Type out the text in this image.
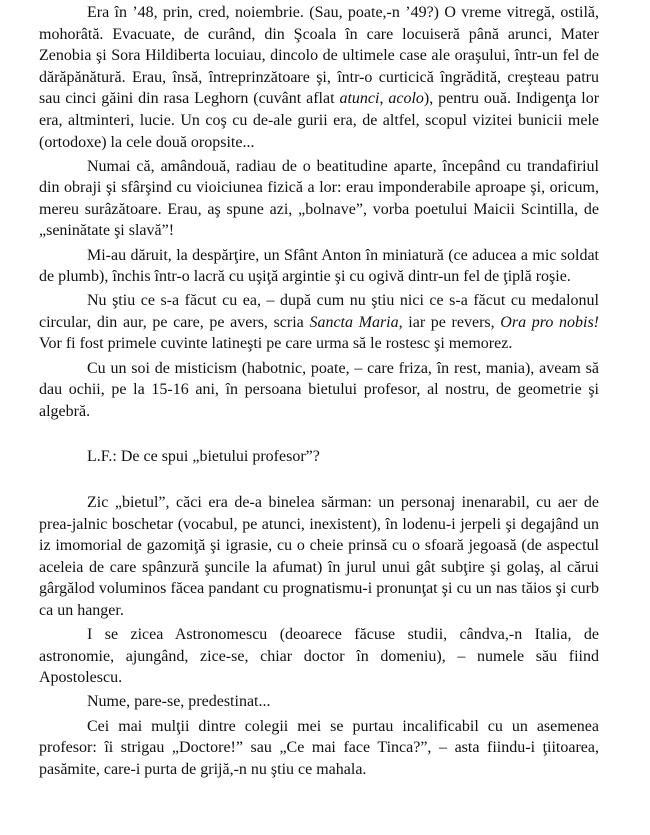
Era în ’48, prin, cred, noiembrie. (Sau, poate,-n ’49?) O vreme vitregă, ostilă, mohorâtă. Evacuate, de curând, din Şcoala în care locuiseră până arunci, Mater Zenobia şi Sora Hildiberta locuiau, dincolo de ultimele case ale oraşului, într-un fel de dărăpănătură. Erau, însă, întreprinzătoare şi, într-o curticică îngrădită, creşteau patru sau cinci găini din rasa Leghorn (cuvânt aflat atunci, acolo), pentru ouă. Indigenţa lor era, altminteri, lucie. Un coş cu de-ale gurii era, de altfel, scopul vizitei bunicii mele (ortodoxe) la cele două oropsite...

Numai că, amândouă, radiau de o beatitudine aparte, începând cu trandafiriul din obraji şi sfârşind cu vioiciunea fizică a lor: erau imponderabile aproape şi, oricum, mereu surâzătoare. Erau, aş spune azi, „bolnave”, vorba poetului Maicii Scintilla, de „seninătate şi slavă”!

Mi-au dăruit, la despărţire, un Sfânt Anton în miniatură (ce aducea a mic soldat de plumb), închis într-o lacră cu uşiţă argintie şi cu ogivă dintr-un fel de ţiplă roşie.

Nu ştiu ce s-a făcut cu ea, – după cum nu ştiu nici ce s-a făcut cu medalonul circular, din aur, pe care, pe avers, scria Sancta Maria, iar pe revers, Ora pro nobis!  Vor fi fost primele cuvinte latineşti pe care urma să le rostesc şi memorez.

Cu un soi de misticism (habotnic, poate, – care friza, în rest, mania), aveam să dau ochii, pe la 15-16 ani, în persoana bietului profesor, al nostru, de geometrie şi algebră.

L.F.: De ce spui „bietului profesor”?

Zic „bietul”, căci era de-a binelea sărman: un personaj inenarabil, cu aer de prea-jalnic boschetar (vocabul, pe atunci, inexistent), în lodenu-i jerpeli şi degajând un iz imomorial de gazomiţă şi igrasie, cu o cheie prinsă cu o sfoară jegoasă (de aspectul aceleia de care spânzură şuncile la afumat) în jurul unui gât subţire şi golaş, al cărui gârgălod voluminos făcea pandant cu prognatismu-i pronunţat şi cu un nas tăios şi curb ca un hanger.

I se zicea Astronomescu (deoarece făcuse studii, cândva,-n Italia, de astronomie, ajungând, zice-se, chiar doctor în domeniu), – numele său fiind Apostolescu.

Nume, pare-se, predestinat...

Cei mai mulţii dintre colegii mei se purtau incalificabil cu un asemenea profesor: îi strigau „Doctore!” sau „Ce mai face Tinca?”, – asta fiindu-i ţiitoarea, pasămite, care-i purta de grijă,-n nu ştiu ce mahala.
